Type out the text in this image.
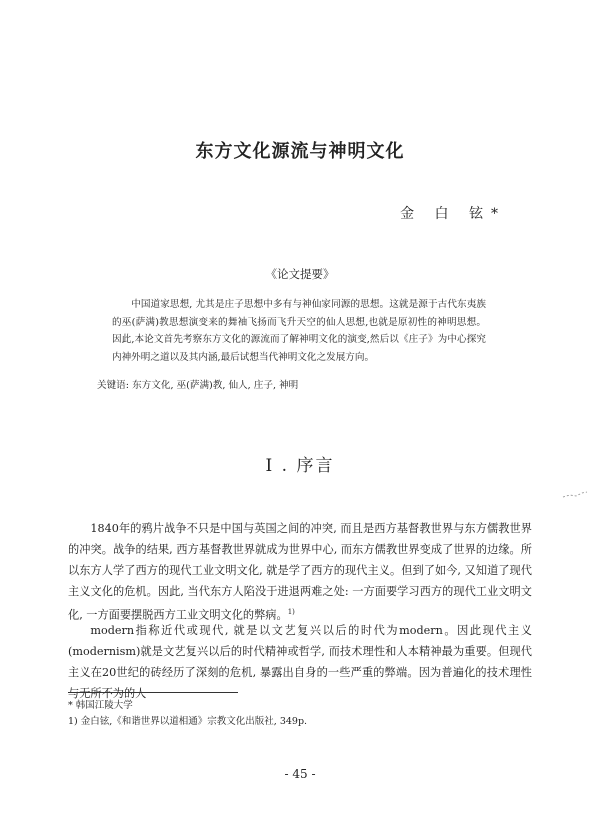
东方文化源流与神明文化
金 白 铉*
《论文提要》
中国道家思想, 尤其是庄子思想中多有与神仙家同源的思想。这就是源于古代东夷族的巫(萨满)教思想演变来的舞袖飞扬而飞升天空的仙人思想,也就是原初性的神明思想。因此,本论文首先考察东方文化的源流而了解神明文化的演变,然后以《庄子》为中心探究内神外明之道以及其内涵,最后试想当代神明文化之发展方向。
关键语: 东方文化, 巫(萨满)教, 仙人, 庄子, 神明
I . 序言
1840年的鸦片战争不只是中国与英国之间的冲突, 而且是西方基督教世界与东方儒教世界的冲突。战争的结果, 西方基督教世界就成为世界中心, 而东方儒教世界变成了世界的边缘。所以东方人学了西方的现代工业文明文化, 就是学了西方的现代主义。但到了如今, 又知道了现代主义文化的危机。因此, 当代东方人陷没于进退两难之处: 一方面要学习西方的现代工业文明文化, 一方面要摆脱西方工业文明文化的弊病。$^{1)}$
modern指称近代或现代, 就是以文艺复兴以后的时代为modern。因此现代主义(modernism)就是文艺复兴以后的时代精神或哲学, 而技术理性和人本精神最为重要。但现代主义在20世纪的砖经历了深刻的危机, 暴露出自身的一些严重的弊端。因为普遍化的技术理性与无所不为的人
* 韩国江陵大学
1) 金白铉,《和谐世界以道相通》宗教文化出版社, 349p.
- 45 -
